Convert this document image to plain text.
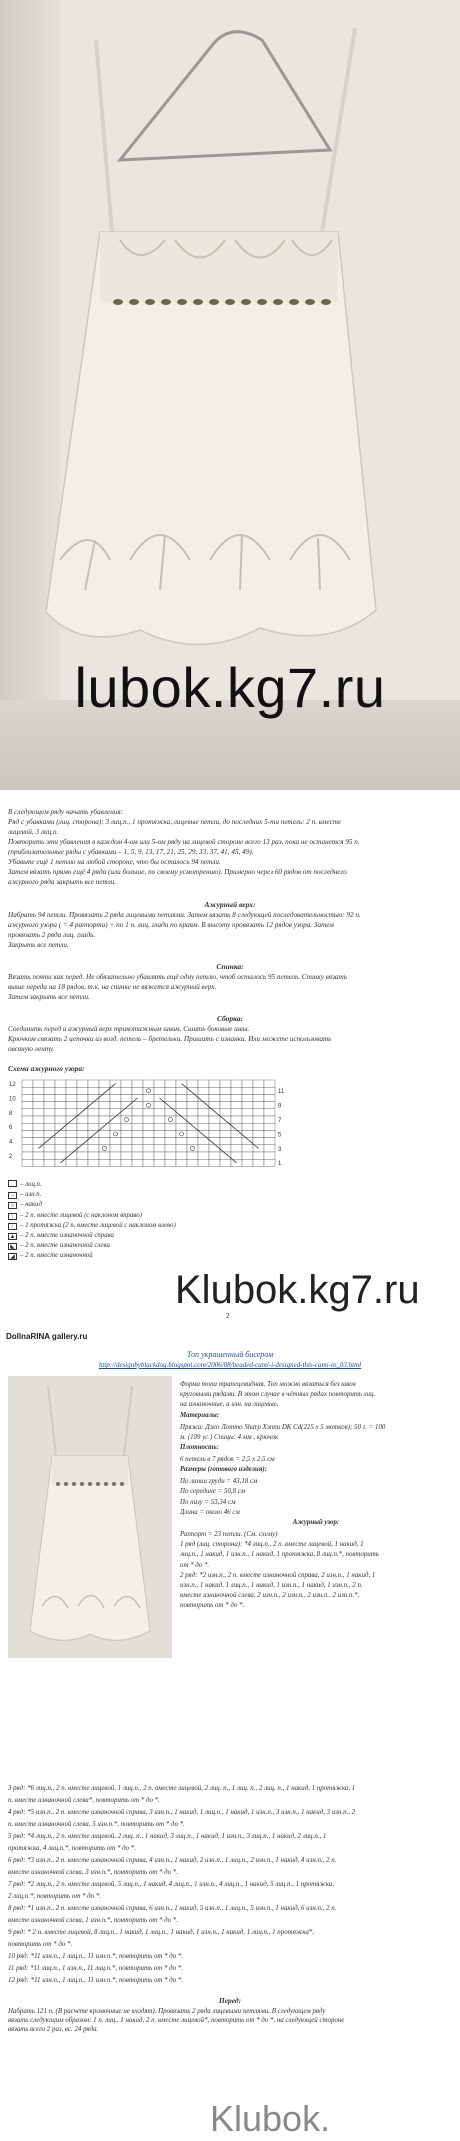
lubok.kg7.ru
В следующем ряду начать убавления:
Ряд с убавками (лиц. сторона): 3 лиц.п., 1 протяжка, лицевые петли, до последних 5-ти петель: 2 п. вместе
лицевой, 3 лиц.п.
Повторить эти убавления в каждом 4-ом или 5-ом ряду на лицевой стороне всего 13 раз, пока не останется 95 п.
(приблизительные ряды с убавками – 1, 5, 9, 13, 17, 21, 25, 29, 33, 37, 41, 45, 49).
Убавьте ещё 1 петлю на любой стороне, что бы осталось 94 петли.
Затем вязать прямо ещё 4 ряда (или больше, по своему усмотрению). Примерно через 60 рядов от последнего
ажурного ряда закрыть все петли.
Ажурный верх:
Набрать 94 петли. Провязать 2 ряда лицевыми петлями. Затем вязать 8 следующей последовательностью: 92 п.
ажурного узора ( = 4 раппорта) + по 1 п. лиц. глади по краям. В высоту провязать 12 рядов узора. Затем
провязать 2 ряда лиц. гладь.
Закрыть все петли.
Спинка:
Вязать почти как перед. Не обязательно убавлять ещё одну петлю, чтоб осталось 95 петель. Спинку вязать
выше переда на 18 рядов, т.к. на спинке не вяжется ажурный верх.
Затем закрыть все петли.
Сборка:
Соединить перед и ажурный верх трикотажным швом. Сшить боковые швы.
Крючком связать 2 цепочки из возд. петель – бретельки. Пришить с изнанки. Или можете использовать
овсяную ленту.
Схема ажурного узора:
12
11
10
9
8
7
6
5
4
3
2
1
– лиц.п.
– – изн.п.
○ – накид
\ – 2 п. вместе лицевой (с наклоном вправо)
/ – 1 протяжка (2 п. вместе лицевой с наклоном влево)
▲ – 2 п. вместе изнаночной справа
◣ – 2 п. вместе изнаночной слева
◢ – 2 п. вместе изнаночной
Klubok.kg7.ru
2
DollnaRINA gallery.ru
Топ украшенный бисером
http://designbyblackdog.blogspot.com/2006/08/beaded-cami-i-designed-this-cami-to_03.html
Форма топа трапецевидная. Топ можно вязаться без швов
круговыми рядами. В этом случае в чётных рядах повторить лиц.
на изнаночные, а изн. на лицевые.
Материалы:
Пряжа: Джо Лотто Sharp Хэппи DK Cd(225 x 5 мотков); 50 г. = 100
м. (109 ус.) Спицы: 4 мм , крючок
Плотность:
6 петель в 7 рядов = 2,5 x 2,5 см
Размеры (готового изделия):
По линии груди = 43,18 см
По середине = 50,8 см
По низу = 53,34 см
Длина = около 46 см
Ажурный узор:
Раппорт = 23 петли. (См. схему)
1 ряд (лиц. сторона): *4 лиц.п., 2 п. вместе лицевой, 1 накид, 1
лиц.п., 1 накид, 1 изн.п., 1 накид, 1 протяжка, 8 лиц.п.*, повторить
от * до *.
2 ряд: *2 изн.п., 2 п. вместе изнаночной справа, 2 изн.п., 1 накид, 1
изн.п., 1 накид, 1 лиц.п., 1 накид, 1 изн.п., 1 накид, 1 изн.п., 2 п.
вместе изнаночной слева, 2 изн.п., 2 изн.п., 2 изн.п., 2 изн.п.*,
повторить от * до *.
3 ряд: *6 лиц.п., 2 п. вместе лицевой, 1 лиц.п., 2 п. вместе лицевой, 2 лиц. п., 1 лиц. п., 2 лиц. п., 1 накид, 1 протяжка, 1
п. вместе изнаночной слева*, повторить от * до *.
4 ряд: *5 изн.п., 2 п. вместе изнаночной справа, 3 изн.п., 1 накид, 1 лиц.п., 1 накид, 1 изн.п., 3 изн.п., 1 накид, 3 изн.п., 2
п. вместе изнаночной слева, 5 изн.п.*, повторить от * до *.
5 ряд: *4 лиц.п., 2 п. вместе лицевой, 2 лиц. п., 1 накид, 3 лиц.п., 1 накид, 1 изн.п., 3 лиц.п., 1 накид, 2 лиц.п., 1
протяжка, 4 лиц.п.*, повторить от * до *.
6 ряд: *3 изн.п., 2 п. вместе изнаночной справа, 4 изн.п., 1 накид, 2 изн.п., 1 лиц.п., 2 изн.п., 1 накид, 4 изн.п., 2 п.
вместе изнаночной слева, 3 изн.п.*, повторить от * до *.
7 ряд: *2 лиц.п., 2 п. вместе лицевой, 5 лиц.п., 1 накид, 4 лиц.п., 1 изн.п., 4 лиц.п., 1 накид, 5 лиц.п., 1 протяжка,
2 лиц.п.*, повторить от * до *.
8 ряд: *1 изн.п., 2 п. вместе изнаночной справа, 6 изн.п., 1 накид, 5 изн.п., 1 лиц.п., 5 изн.п., 1 накид, 6 изн.п., 2 п.
вместе изнаночной слева, 1 изн.п.*, повторить от * до *.
9 ряд: * 2 п. вместе лицевой, 8 лиц.п., 1 накид, 1 лиц.п., 1 накид, 1 изн.п., 1 накид, 1 лиц.п., 1 протяжка*,
повторить от * до *.
10 ряд: *11 изн.п., 1 лиц.п., 11 изн.п.*, повторить от * до *.
11 ряд: *11 лиц.п., 1 изн.п., 11 лиц.п.*, повторить от * до *.
12 ряд: *11 изн.п., 1 лиц.п., 11 изн.п.*, повторить от * до *.
Перед:
Набрать 121 п. (В расчете кромочные не входят). Провязать 2 ряда лицевыми петлями. В следующем ряду
вязать следующим образом: 1 п. лиц., 1 накид, 2 п. вместе лицевой*, повторить от * до *, на следующей стороне
вязать всего 2 раз, вс. 24 ряда.
Klubok.
